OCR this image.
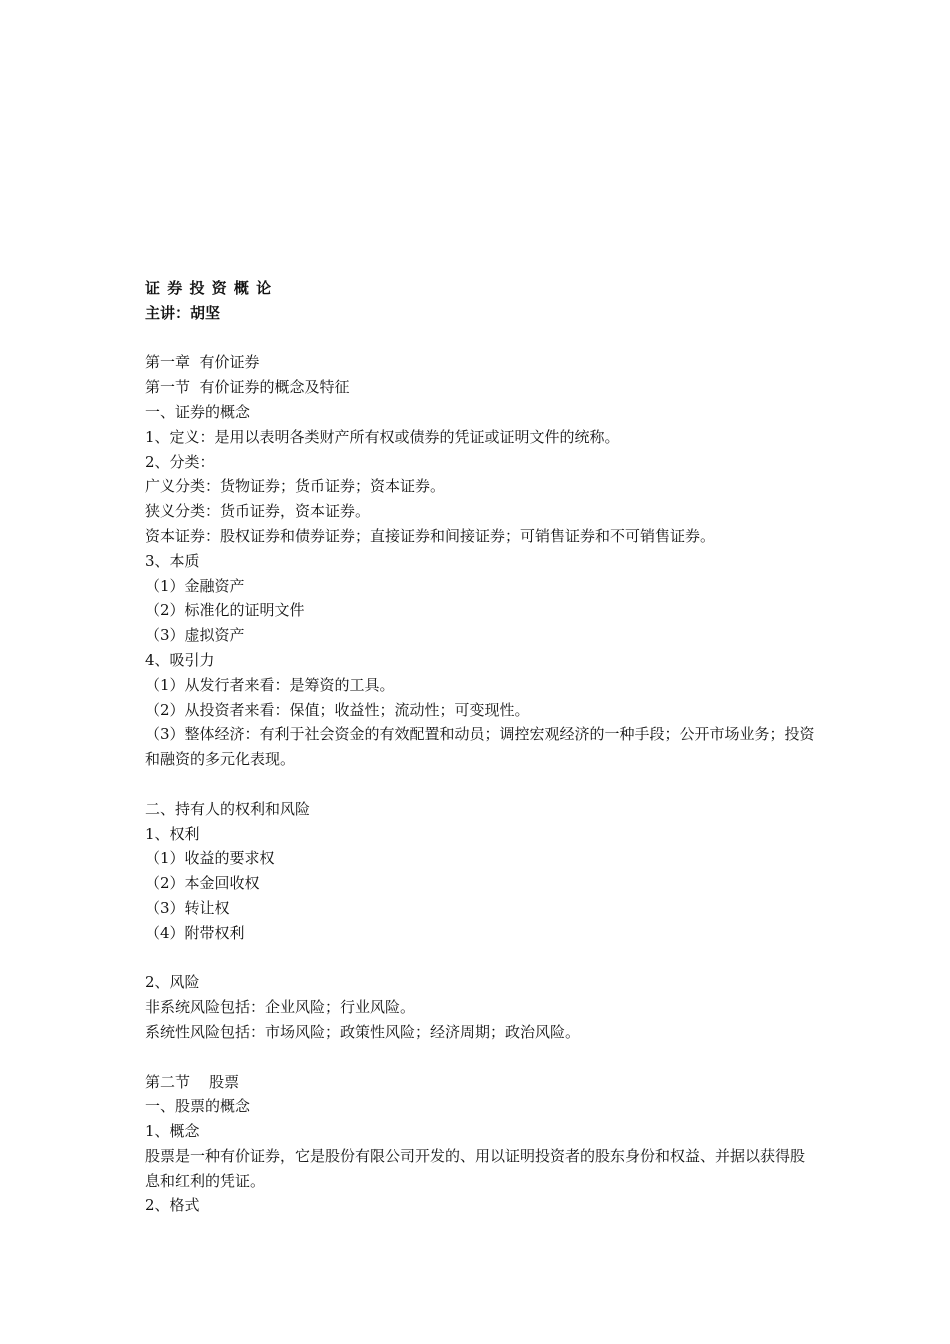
证 券 投 资 概 论
主讲：胡坚
第一章  有价证券
第一节  有价证券的概念及特征
一、证券的概念
1、定义：是用以表明各类财产所有权或债券的凭证或证明文件的统称。
2、分类：
广义分类：货物证券；货币证券；资本证券。
狭义分类：货币证券，资本证券。
资本证券：股权证券和债券证券；直接证券和间接证券；可销售证券和不可销售证券。
3、本质
（1）金融资产
（2）标准化的证明文件
（3）虚拟资产
4、吸引力
（1）从发行者来看：是筹资的工具。
（2）从投资者来看：保值；收益性；流动性；可变现性。
（3）整体经济：有利于社会资金的有效配置和动员；调控宏观经济的一种手段；公开市场业务；投资和融资的多元化表现。
二、持有人的权利和风险
1、权利
（1）收益的要求权
（2）本金回收权
（3）转让权
（4）附带权利
2、风险
非系统风险包括：企业风险；行业风险。
系统性风险包括：市场风险；政策性风险；经济周期；政治风险。
第二节    股票
一、股票的概念
1、概念
股票是一种有价证券，它是股份有限公司开发的、用以证明投资者的股东身份和权益、并据以获得股息和红利的凭证。
2、格式
